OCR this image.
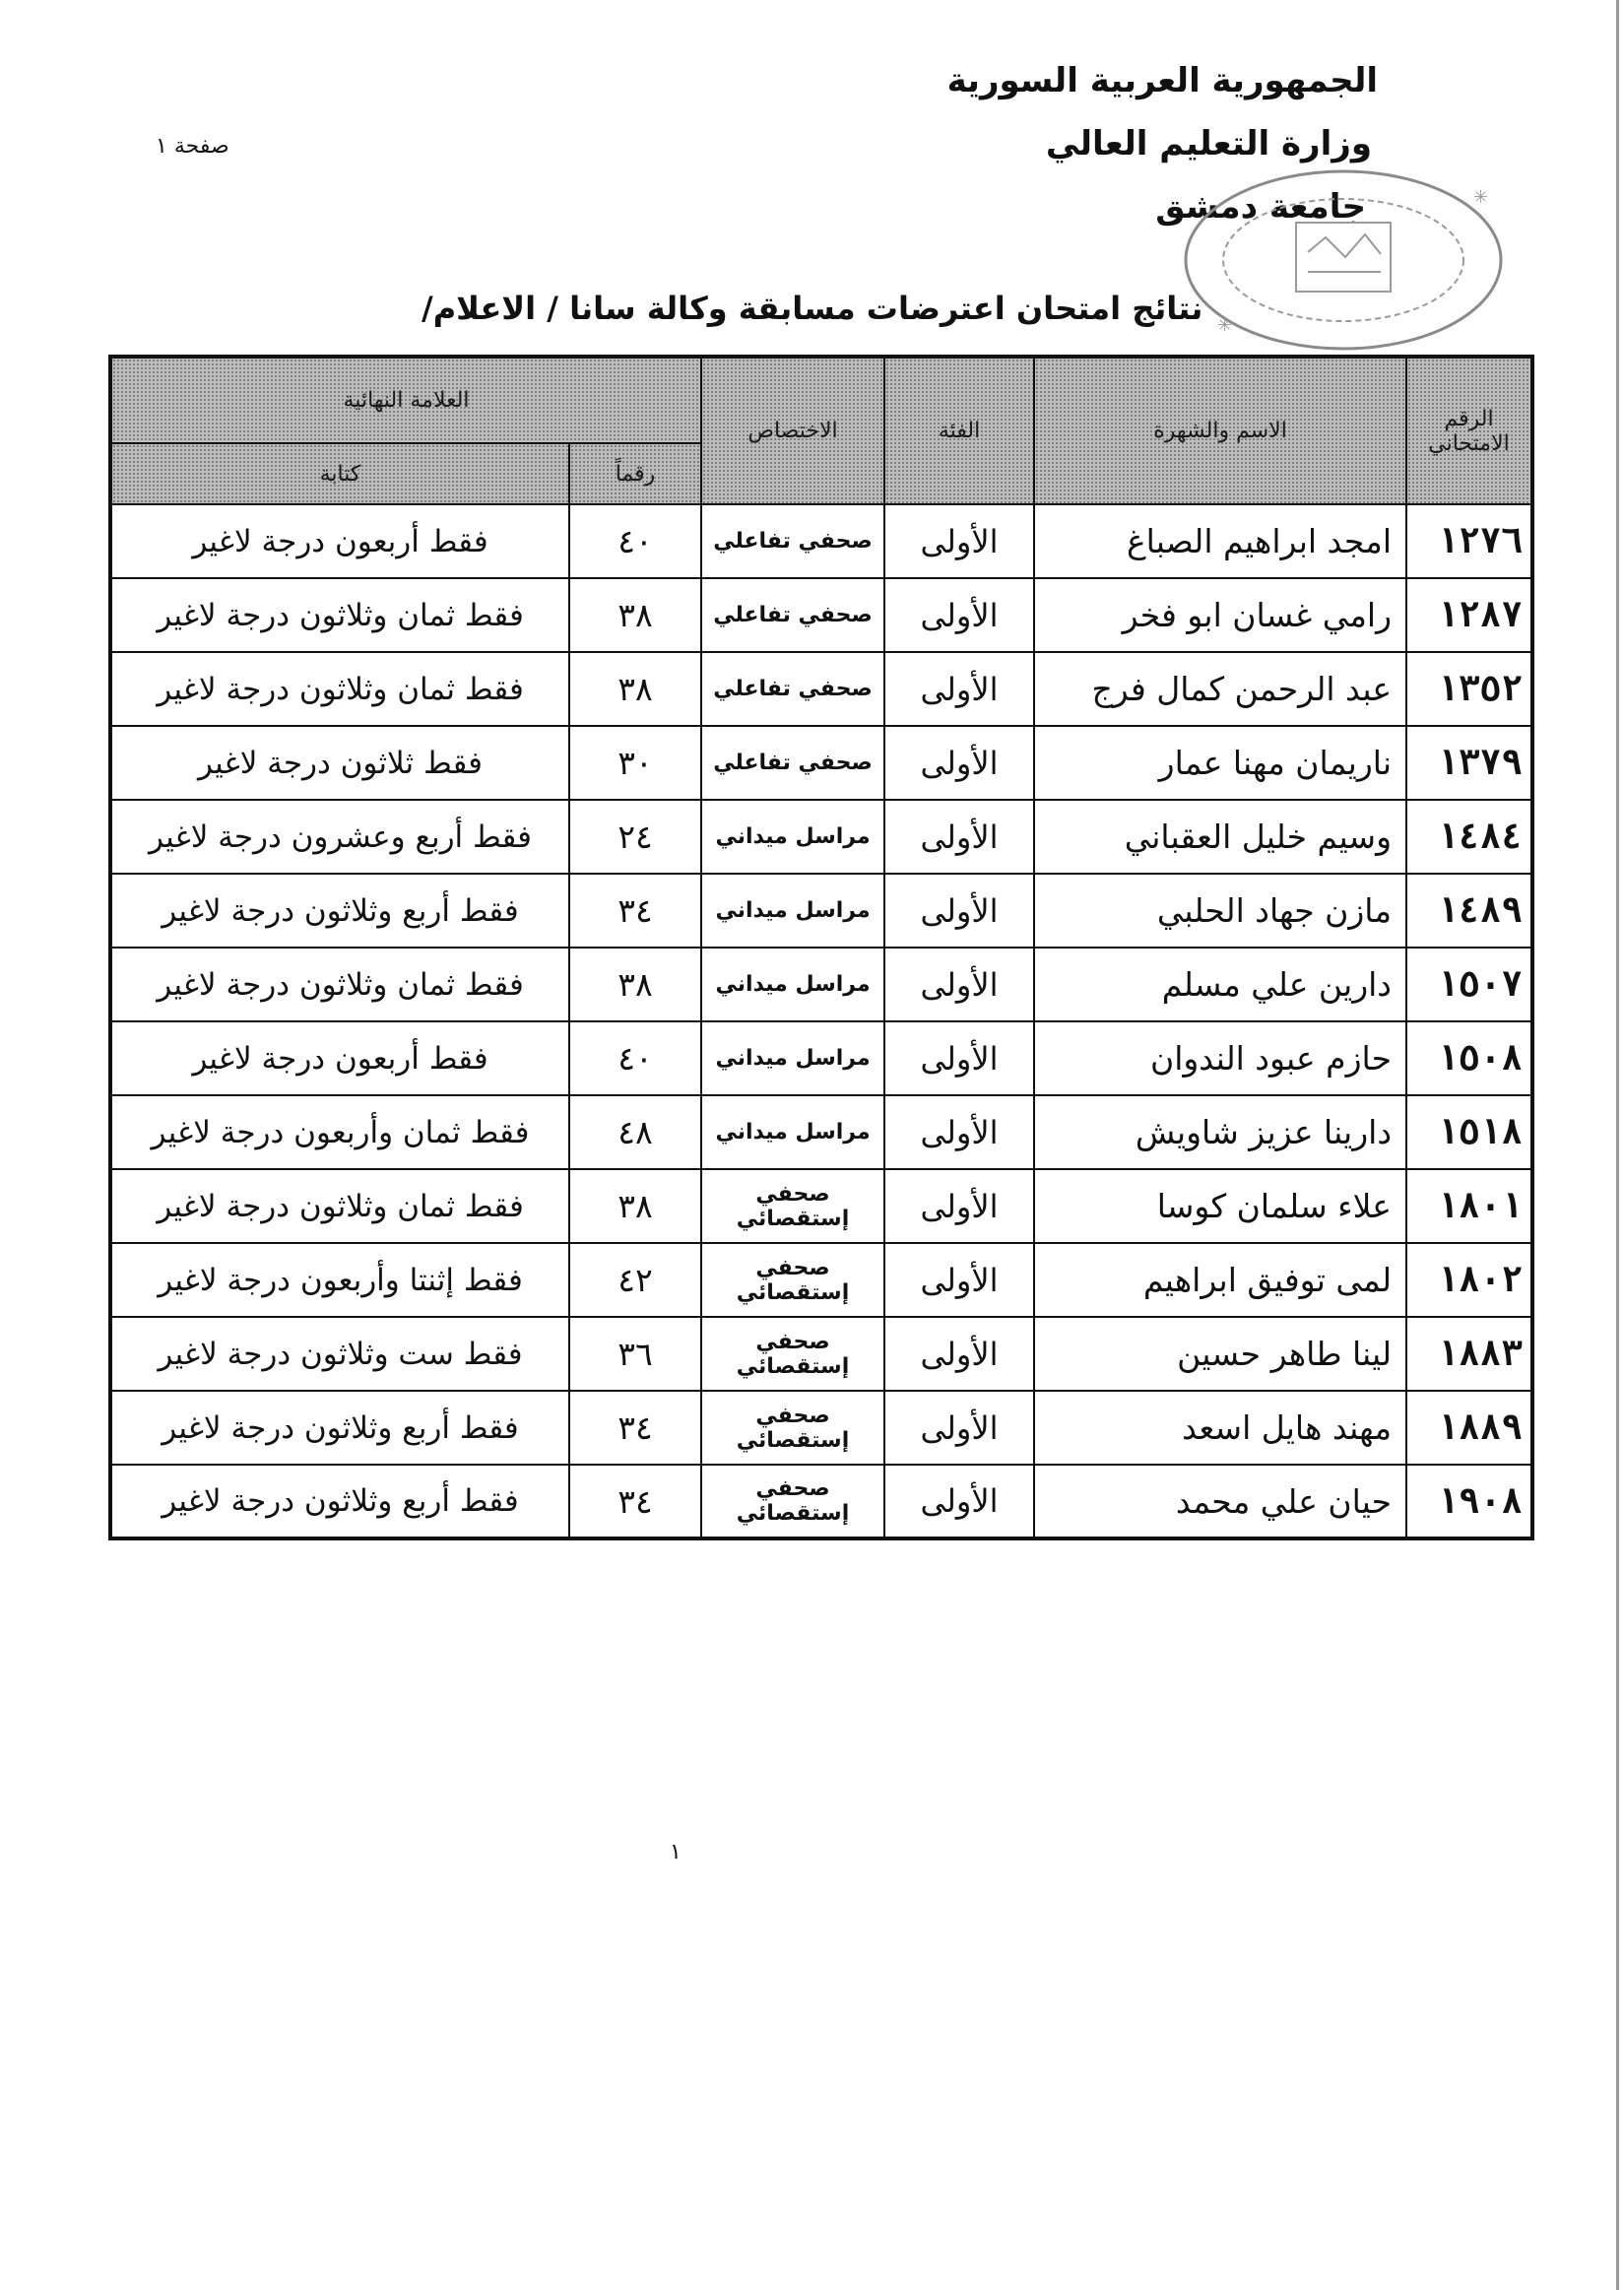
الجمهورية العربية السورية
وزارة التعليم العالي
جامعة دمشق
صفحة ١
✳
✳
نتائج امتحان اعترضات مسابقة وكالة سانا / الاعلام/
الرقم الامتحاني	الاسم والشهرة	الفئة	الاختصاص	العلامة النهائية	
				رقماً	كتابة
١٢٧٦	امجد ابراهيم الصباغ	الأولى	صحفي تفاعلي	٤٠	فقط أربعون درجة لاغير
١٢٨٧	رامي غسان ابو فخر	الأولى	صحفي تفاعلي	٣٨	فقط ثمان وثلاثون درجة لاغير
١٣٥٢	عبد الرحمن كمال فرج	الأولى	صحفي تفاعلي	٣٨	فقط ثمان وثلاثون درجة لاغير
١٣٧٩	ناريمان مهنا عمار	الأولى	صحفي تفاعلي	٣٠	فقط ثلاثون درجة لاغير
١٤٨٤	وسيم خليل العقباني	الأولى	مراسل ميداني	٢٤	فقط أربع وعشرون درجة لاغير
١٤٨٩	مازن جهاد الحلبي	الأولى	مراسل ميداني	٣٤	فقط أربع وثلاثون درجة لاغير
١٥٠٧	دارين علي مسلم	الأولى	مراسل ميداني	٣٨	فقط ثمان وثلاثون درجة لاغير
١٥٠٨	حازم عبود الندوان	الأولى	مراسل ميداني	٤٠	فقط أربعون درجة لاغير
١٥١٨	دارينا عزيز شاويش	الأولى	مراسل ميداني	٤٨	فقط ثمان وأربعون درجة لاغير
١٨٠١	علاء سلمان كوسا	الأولى	صحفي إستقصائي	٣٨	فقط ثمان وثلاثون درجة لاغير
١٨٠٢	لمى توفيق ابراهيم	الأولى	صحفي إستقصائي	٤٢	فقط إثنتا وأربعون درجة لاغير
١٨٨٣	لينا طاهر حسين	الأولى	صحفي إستقصائي	٣٦	فقط ست وثلاثون درجة لاغير
١٨٨٩	مهند هايل اسعد	الأولى	صحفي إستقصائي	٣٤	فقط أربع وثلاثون درجة لاغير
١٩٠٨	حيان علي محمد	الأولى	صحفي إستقصائي	٣٤	فقط أربع وثلاثون درجة لاغير
١
